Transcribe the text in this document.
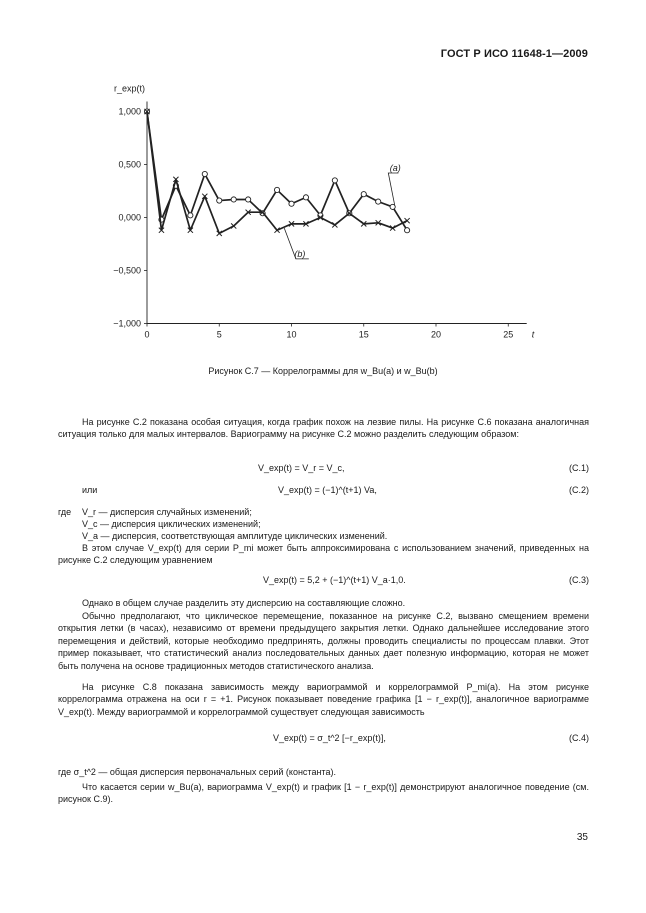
ГОСТ Р ИСО 11648-1—2009
r_exp(t)
t
1,000
0,500
0,000
−0,500
−1,000
0	5	10	15	20	25
(a)
(b)
Рисунок С.7 — Коррелограммы для w_Bu(a) и w_Bu(b)
На рисунке С.2 показана особая ситуация, когда график похож на лезвие пилы. На рисунке С.6 показана аналогичная ситуация только для малых интервалов. Вариограмму на рисунке С.2 можно разделить следующим образом:
V_exp(t) = V_r = V_c,	(C.1)
или	V_exp(t) = (−1)^(t+1) Va,	(C.2)
где	V_r — дисперсия случайных изменений;
V_c — дисперсия циклических изменений;
V_a — дисперсия, соответствующая амплитуде циклических изменений.
В этом случае V_exp(t) для серии P_mi может быть аппроксимирована с использованием значений, приведенных на рисунке С.2 следующим уравнением
V_exp(t) = 5,2 + (−1)^(t+1) V_a·1,0.	(C.3)
Однако в общем случае разделить эту дисперсию на составляющие сложно.
Обычно предполагают, что циклическое перемещение, показанное на рисунке С.2, вызвано смещением времени открытия летки (в часах), независимо от времени предыдущего закрытия летки. Однако дальнейшее исследование этого перемещения и действий, которые необходимо предпринять, должны проводить специалисты по процессам плавки. Этот пример показывает, что статистический анализ последовательных данных дает полезную информацию, которая не может быть получена на основе традиционных методов статистического анализа.
На рисунке С.8 показана зависимость между вариограммой и коррелограммой P_mi(a). На этом рисунке коррелограмма отражена на оси r = +1. Рисунок показывает поведение графика [1 − r_exp(t)], аналогичное вариограмме V_exp(t). Между вариограммой и коррелограммой существует следующая зависимость
V_exp(t) = σ_t^2 [−r_exp(t)],	(C.4)
где σ_t^2 — общая дисперсия первоначальных серий (константа).
Что касается серии w_Bu(a), вариограмма V_exp(t) и график [1 − r_exp(t)] демонстрируют аналогичное поведение (см. рисунок С.9).
35
